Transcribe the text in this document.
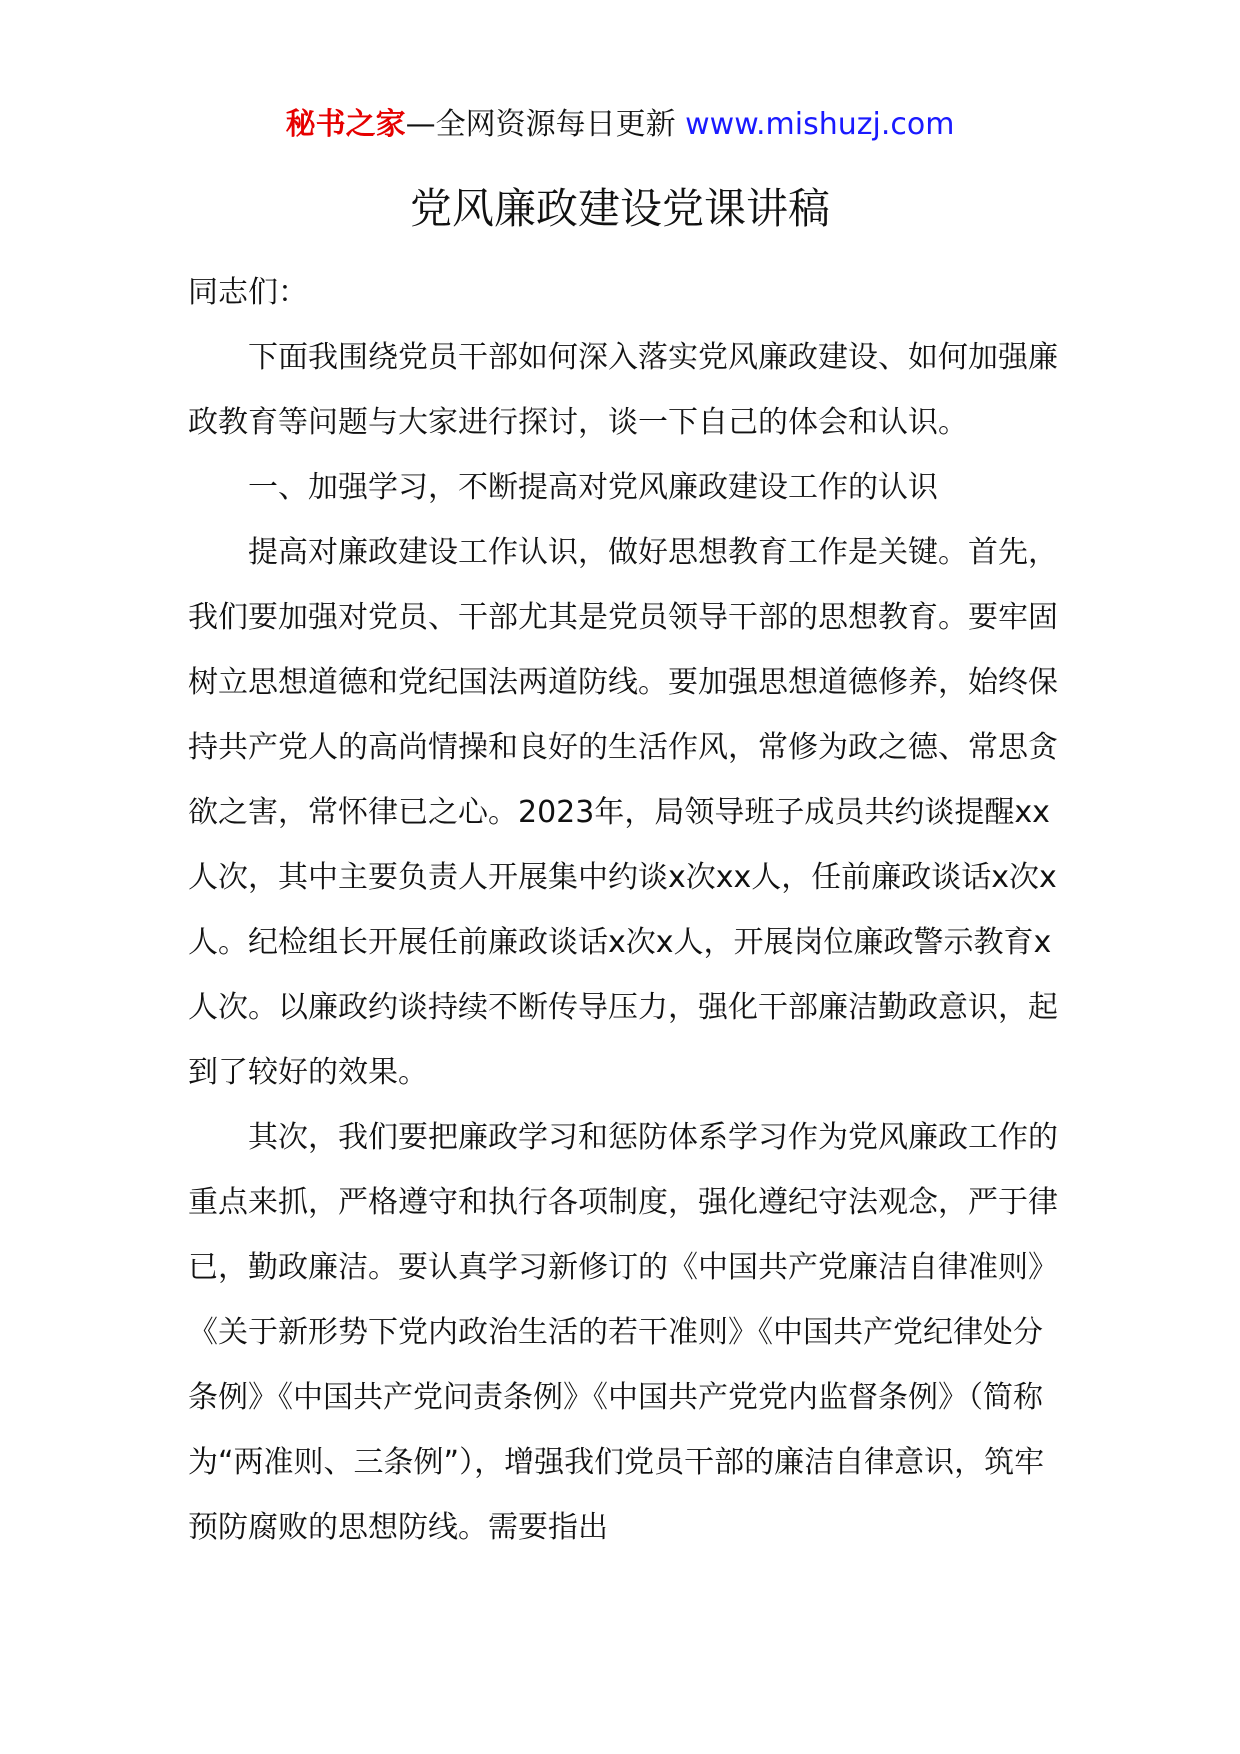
秘书之家—全网资源每日更新 www.mishuzj.com
党风廉政建设党课讲稿

同志们：

下面我围绕党员干部如何深入落实党风廉政建设、如何加强廉政教育等问题与大家进行探讨，谈一下自己的体会和认识。

一、加强学习，不断提高对党风廉政建设工作的认识

提高对廉政建设工作认识，做好思想教育工作是关键。首先，我们要加强对党员、干部尤其是党员领导干部的思想教育。要牢固树立思想道德和党纪国法两道防线。要加强思想道德修养，始终保持共产党人的高尚情操和良好的生活作风，常修为政之德、常思贪欲之害，常怀律已之心。2023年，局领导班子成员共约谈提醒xx人次，其中主要负责人开展集中约谈x次xx人，任前廉政谈话x次x人。纪检组长开展任前廉政谈话x次x人，开展岗位廉政警示教育x人次。以廉政约谈持续不断传导压力，强化干部廉洁勤政意识，起到了较好的效果。

其次，我们要把廉政学习和惩防体系学习作为党风廉政工作的重点来抓，严格遵守和执行各项制度，强化遵纪守法观念，严于律已，勤政廉洁。要认真学习新修订的《中国共产党廉洁自律准则》《关于新形势下党内政治生活的若干准则》《中国共产党纪律处分条例》《中国共产党问责条例》《中国共产党党内监督条例》（简称为“两准则、三条例”），增强我们党员干部的廉洁自律意识，筑牢预防腐败的思想防线。需要指出
